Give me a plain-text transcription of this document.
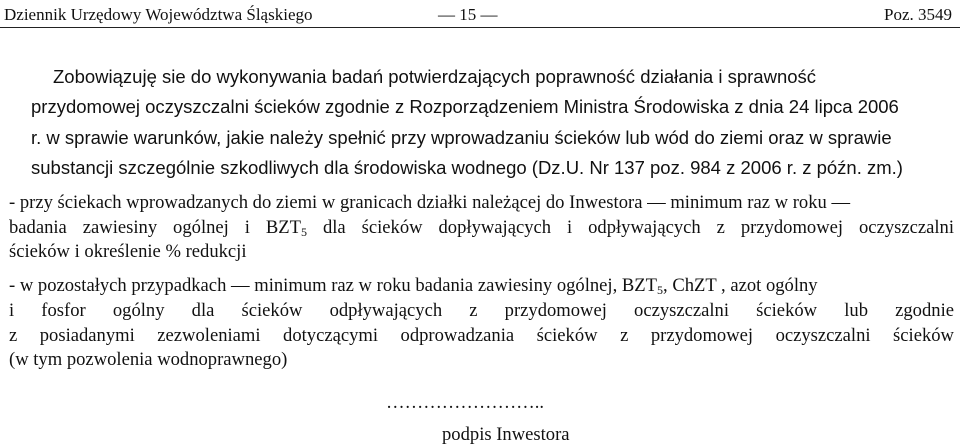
Dziennik Urzędowy Województwa Śląskiego	— 15 —	Poz. 3549
Zobowiązuję sie do wykonywania badań potwierdzających poprawność działania i sprawność
przydomowej oczyszczalni ścieków zgodnie z Rozporządzeniem Ministra Środowiska z dnia 24 lipca 2006
r. w sprawie warunków, jakie należy spełnić przy wprowadzaniu ścieków lub wód do ziemi oraz w sprawie
substancji szczególnie szkodliwych dla środowiska wodnego (Dz.U. Nr 137 poz. 984 z 2006 r. z późn. zm.)
- przy ściekach wprowadzanych do ziemi w granicach działki należącej do Inwestora — minimum raz w roku —
badania zawiesiny ogólnej i $BZT_5$ dla ścieków dopływających i odpływających z przydomowej oczyszczalni
ścieków i określenie % redukcji
- w pozostałych przypadkach — minimum raz w roku badania zawiesiny ogólnej, $BZT_5$, ChZT , azot ogólny
i fosfor ogólny dla ścieków odpływających z przydomowej oczyszczalni ścieków lub zgodnie
z posiadanymi zezwoleniami dotyczącymi odprowadzania ścieków z przydomowej oczyszczalni ścieków
(w tym pozwolenia wodnoprawnego)
……………………..
podpis Inwestora
